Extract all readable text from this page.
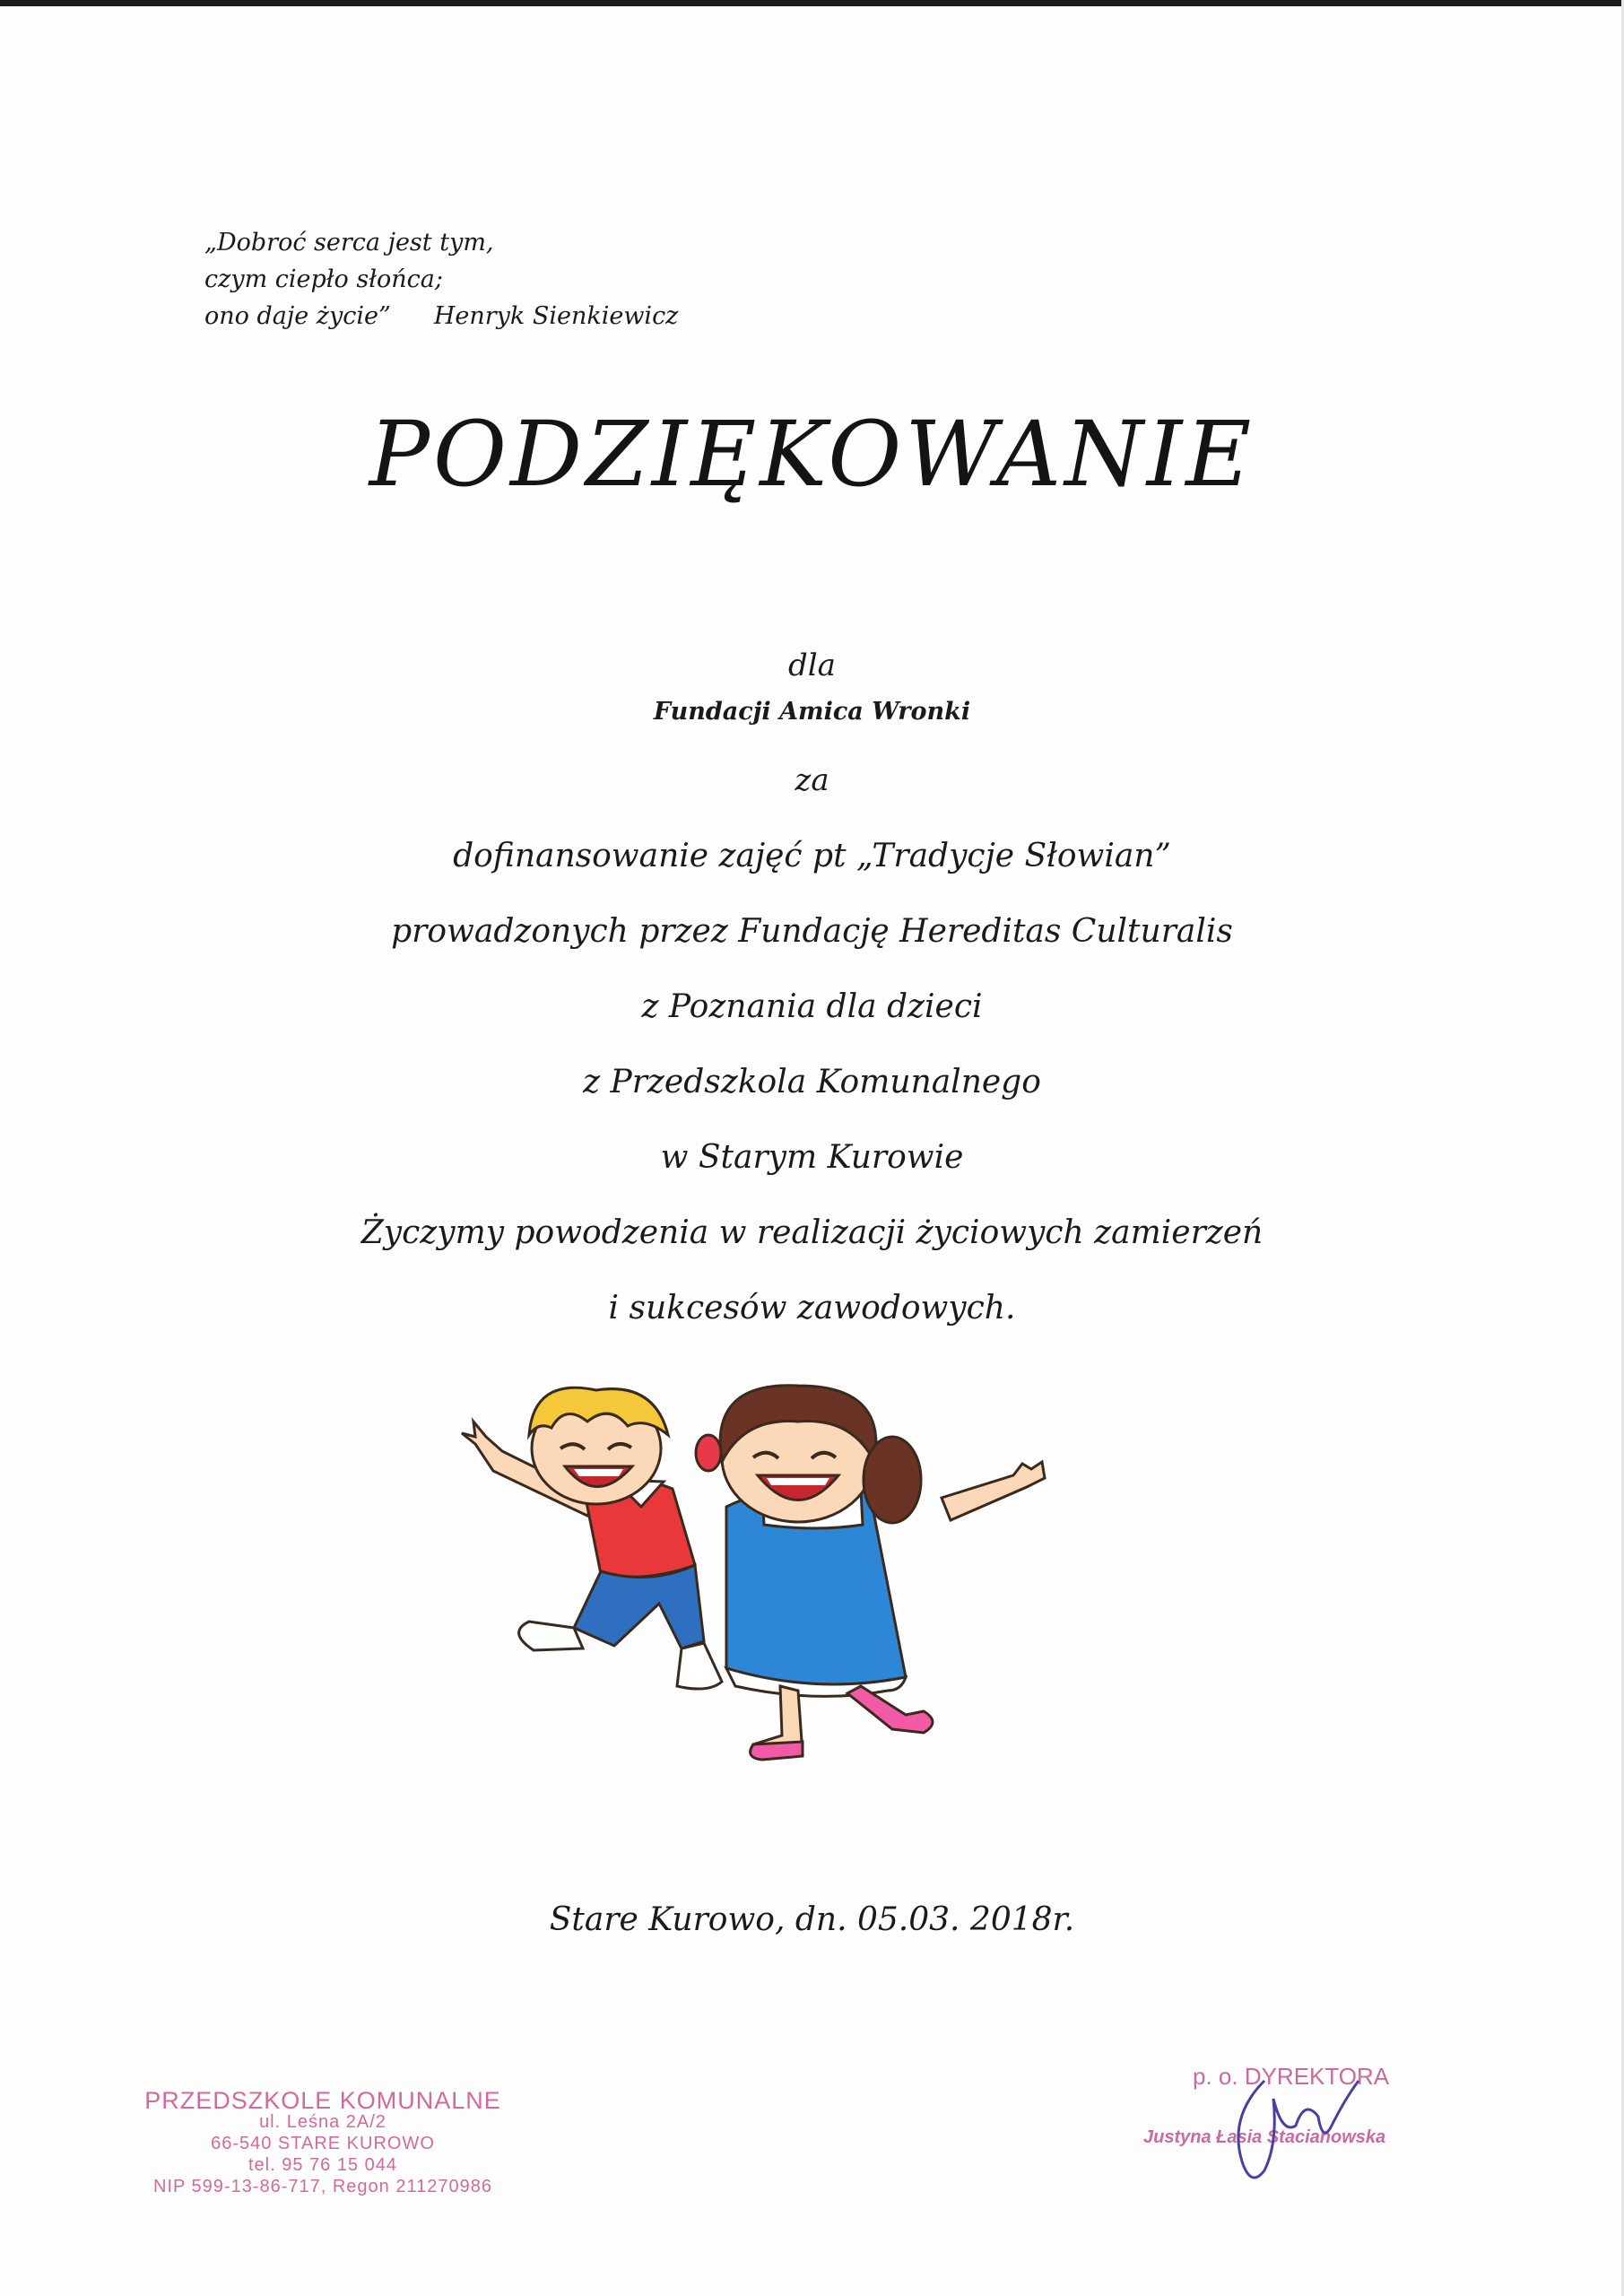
„Dobroć serca jest tym,
czym ciepło słońca;
ono daje życie” Henryk Sienkiewicz
PODZIĘKOWANIE
dla
Fundacji Amica Wronki
za
dofinansowanie zajęć pt „Tradycje Słowian”
prowadzonych przez Fundację Hereditas Culturalis
z Poznania dla dzieci
z Przedszkola Komunalnego
w Starym Kurowie
Życzymy powodzenia w realizacji życiowych zamierzeń
i sukcesów zawodowych.
Stare Kurowo, dn. 05.03. 2018r.
PRZEDSZKOLE KOMUNALNE
ul. Leśna 2A/2
66-540 STARE KUROWO
tel. 95 76 15 044
NIP 599-13-86-717, Regon 211270986
p. o. DYREKTORA
Justyna Łasia Stacianowska
